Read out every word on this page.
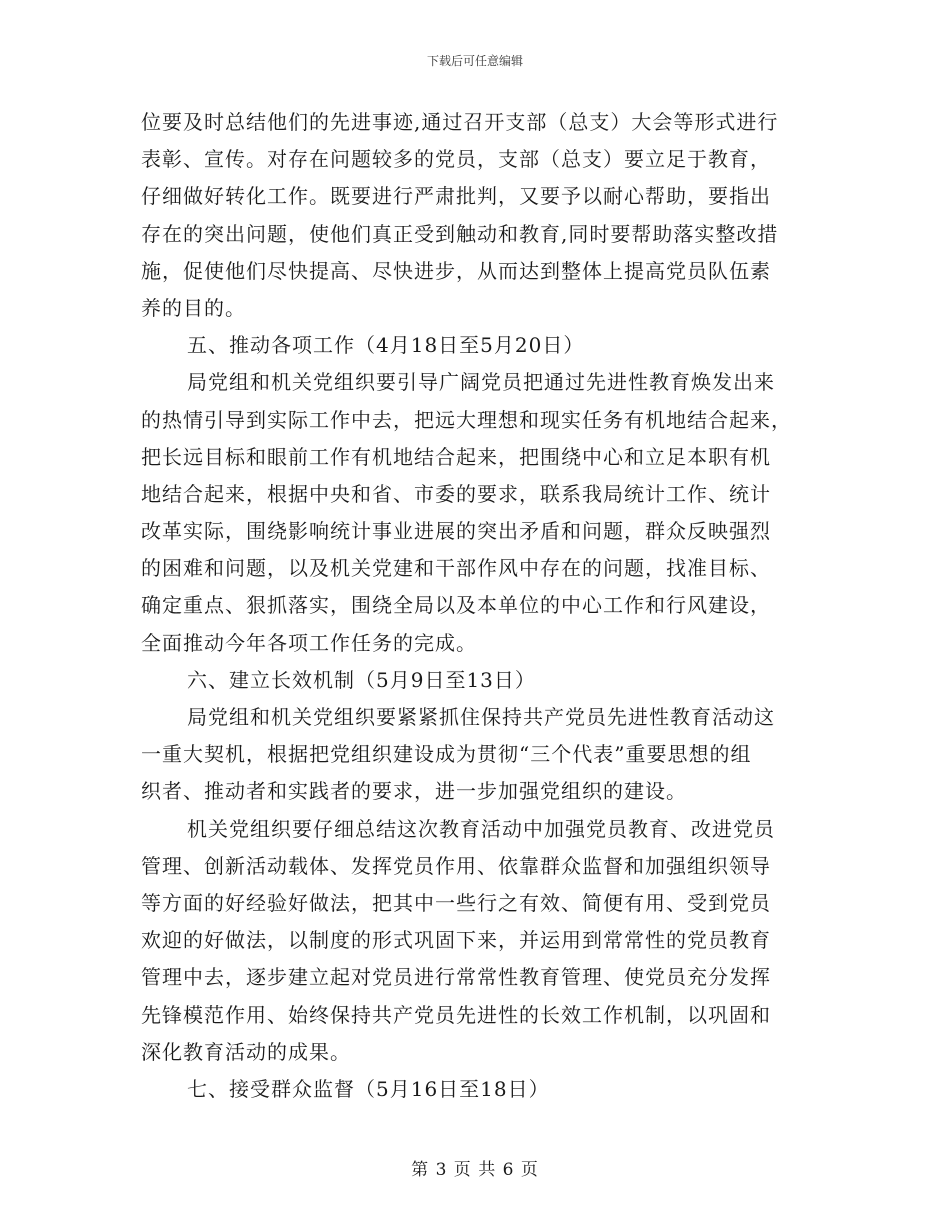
下载后可任意编辑
位要及时总结他们的先进事迹,通过召开支部（总支）大会等形式进行
表彰、宣传。对存在问题较多的党员，支部（总支）要立足于教育，
仔细做好转化工作。既要进行严肃批判，又要予以耐心帮助，要指出
存在的突出问题，使他们真正受到触动和教育,同时要帮助落实整改措
施，促使他们尽快提高、尽快进步，从而达到整体上提高党员队伍素
养的目的。
五、推动各项工作（4月18日至5月20日）
局党组和机关党组织要引导广阔党员把通过先进性教育焕发出来
的热情引导到实际工作中去，把远大理想和现实任务有机地结合起来，
把长远目标和眼前工作有机地结合起来，把围绕中心和立足本职有机
地结合起来，根据中央和省、市委的要求，联系我局统计工作、统计
改革实际，围绕影响统计事业进展的突出矛盾和问题，群众反映强烈
的困难和问题，以及机关党建和干部作风中存在的问题，找准目标、
确定重点、狠抓落实，围绕全局以及本单位的中心工作和行风建设，
全面推动今年各项工作任务的完成。
六、建立长效机制（5月9日至13日）
局党组和机关党组织要紧紧抓住保持共产党员先进性教育活动这
一重大契机，根据把党组织建设成为贯彻“三个代表”重要思想的组
织者、推动者和实践者的要求，进一步加强党组织的建设。
机关党组织要仔细总结这次教育活动中加强党员教育、改进党员
管理、创新活动载体、发挥党员作用、依靠群众监督和加强组织领导
等方面的好经验好做法，把其中一些行之有效、简便有用、受到党员
欢迎的好做法，以制度的形式巩固下来，并运用到常常性的党员教育
管理中去，逐步建立起对党员进行常常性教育管理、使党员充分发挥
先锋模范作用、始终保持共产党员先进性的长效工作机制，以巩固和
深化教育活动的成果。
七、接受群众监督（5月16日至18日）
第 3 页 共 6 页
